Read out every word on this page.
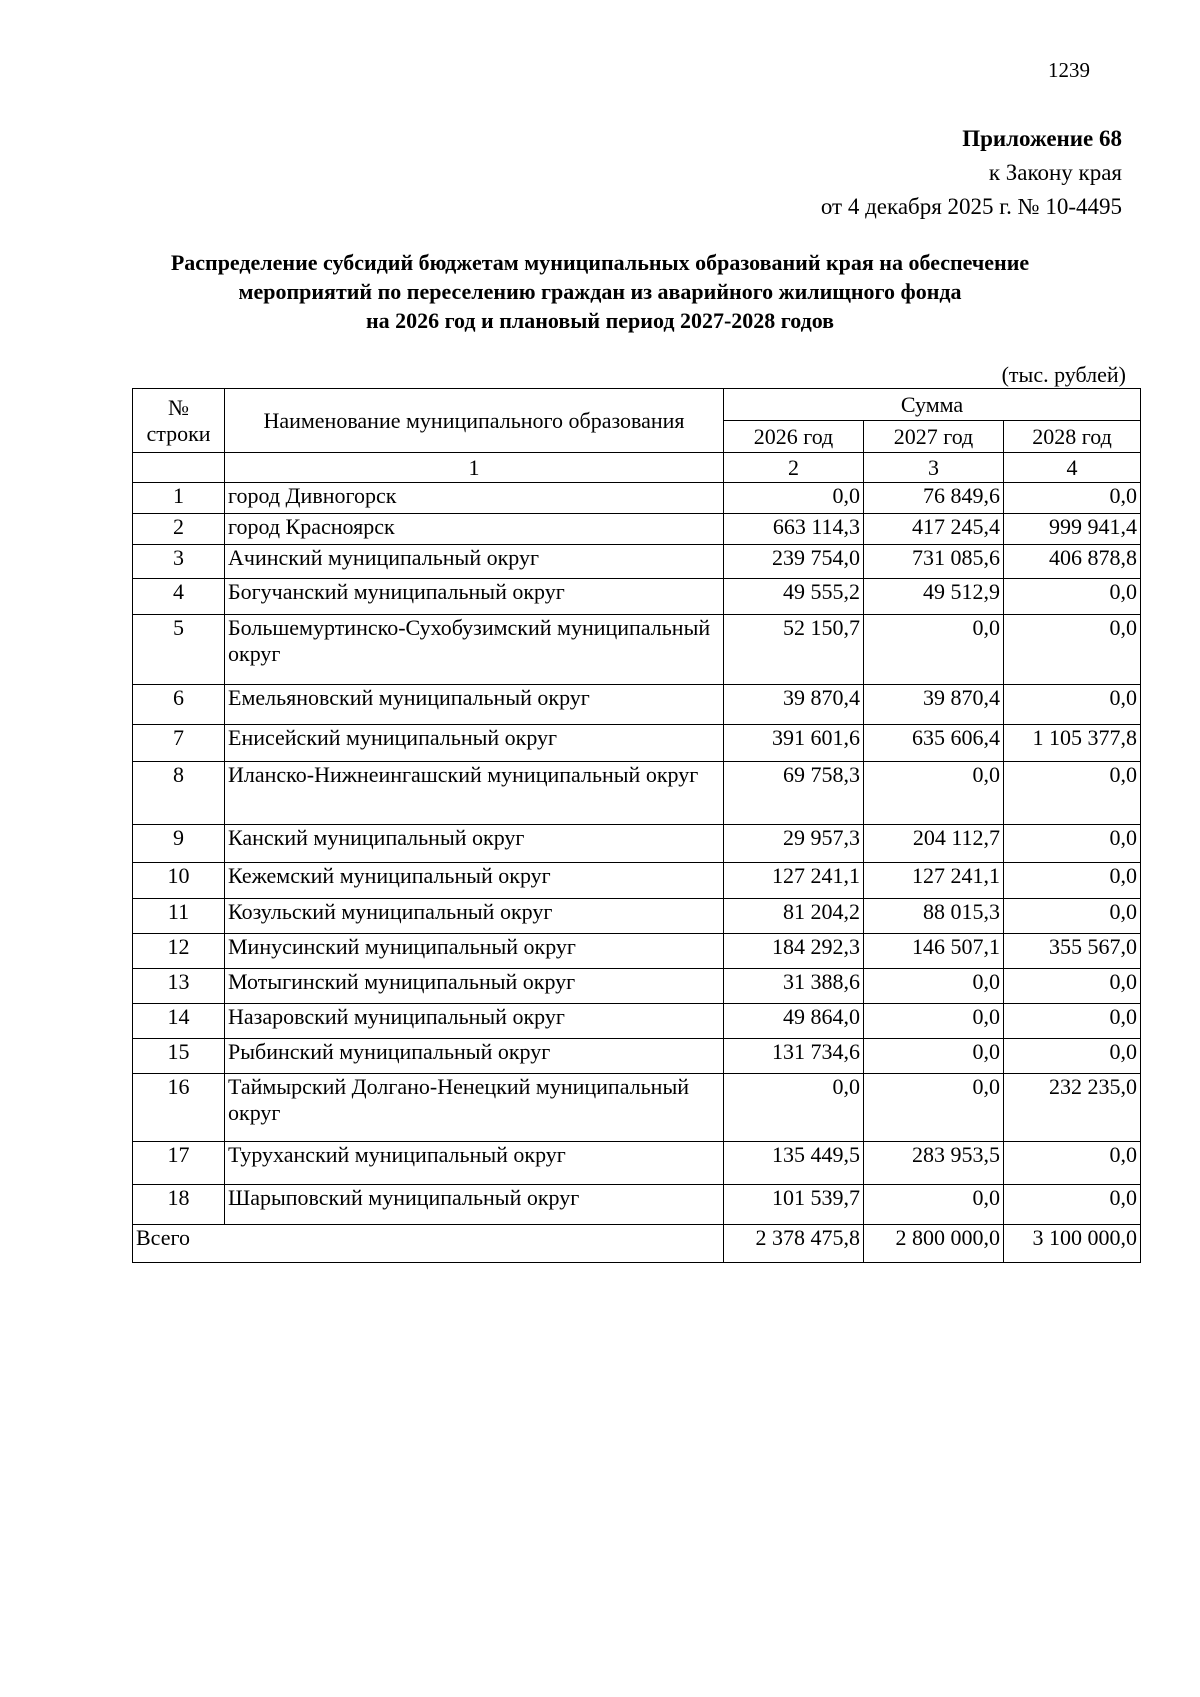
1239
Приложение 68
к Закону края
от 4 декабря 2025 г. № 10-4495
Распределение субсидий бюджетам муниципальных образований края на обеспечение
мероприятий по переселению граждан из аварийного жилищного фонда
на 2026 год и плановый период 2027-2028 годов
(тыс. рублей)
№ строки	Наименование муниципального образования	Сумма		
		2026 год	2027 год	2028 год
	1	2	3	4
1	город Дивногорск	0,0	76 849,6	0,0
2	город Красноярск	663 114,3	417 245,4	999 941,4
3	Ачинский муниципальный округ	239 754,0	731 085,6	406 878,8
4	Богучанский муниципальный округ	49 555,2	49 512,9	0,0
5	Большемуртинско-Сухобузимский муниципальный округ	52 150,7	0,0	0,0
6	Емельяновский муниципальный округ	39 870,4	39 870,4	0,0
7	Енисейский муниципальный округ	391 601,6	635 606,4	1 105 377,8
8	Иланско-Нижнеингашский муниципальный округ	69 758,3	0,0	0,0
9	Канский муниципальный округ	29 957,3	204 112,7	0,0
10	Кежемский муниципальный округ	127 241,1	127 241,1	0,0
11	Козульский муниципальный округ	81 204,2	88 015,3	0,0
12	Минусинский муниципальный округ	184 292,3	146 507,1	355 567,0
13	Мотыгинский муниципальный округ	31 388,6	0,0	0,0
14	Назаровский муниципальный округ	49 864,0	0,0	0,0
15	Рыбинский муниципальный округ	131 734,6	0,0	0,0
16	Таймырский Долгано-Ненецкий муниципальный округ	0,0	0,0	232 235,0
17	Туруханский муниципальный округ	135 449,5	283 953,5	0,0
18	Шарыповский муниципальный округ	101 539,7	0,0	0,0
Всего		2 378 475,8	2 800 000,0	3 100 000,0
